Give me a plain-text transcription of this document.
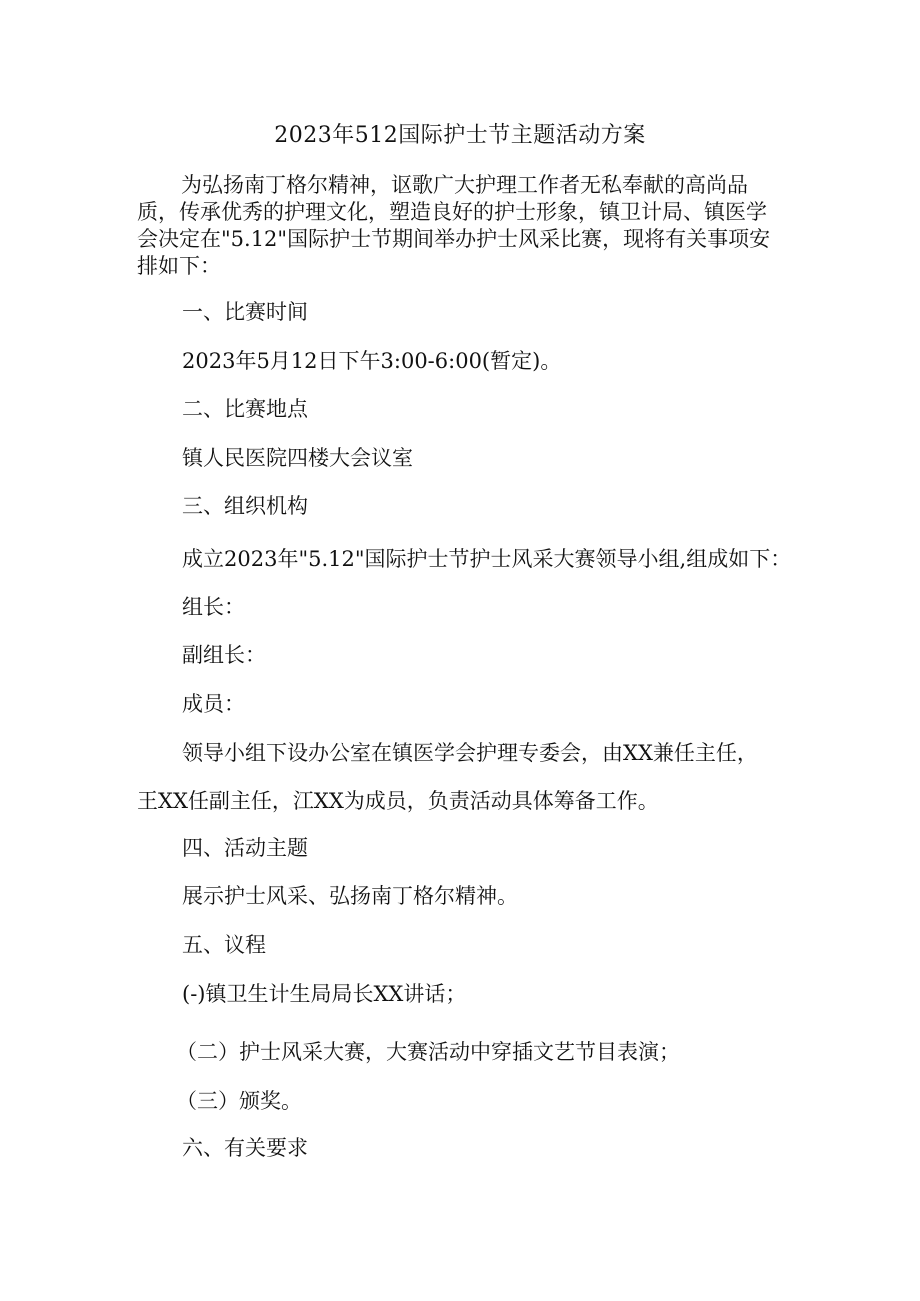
2023年512国际护士节主题活动方案
为弘扬南丁格尔精神，讴歌广大护理工作者无私奉献的高尚品质，传承优秀的护理文化，塑造良好的护士形象，镇卫计局、镇医学会决定在"5.12"国际护士节期间举办护士风采比赛，现将有关事项安排如下：
一、比赛时间
2023年5月12日下午3:00-6:00(暂定)。
二、比赛地点
镇人民医院四楼大会议室
三、组织机构
成立2023年"5.12"国际护士节护士风采大赛领导小组,组成如下：
组长：
副组长：
成员：
领导小组下设办公室在镇医学会护理专委会，由XX兼任主任，
王XX任副主任，江XX为成员，负责活动具体筹备工作。
四、活动主题
展示护士风采、弘扬南丁格尔精神。
五、议程
(-)镇卫生计生局局长XX讲话；
（二）护士风采大赛，大赛活动中穿插文艺节目表演；
（三）颁奖。
六、有关要求
